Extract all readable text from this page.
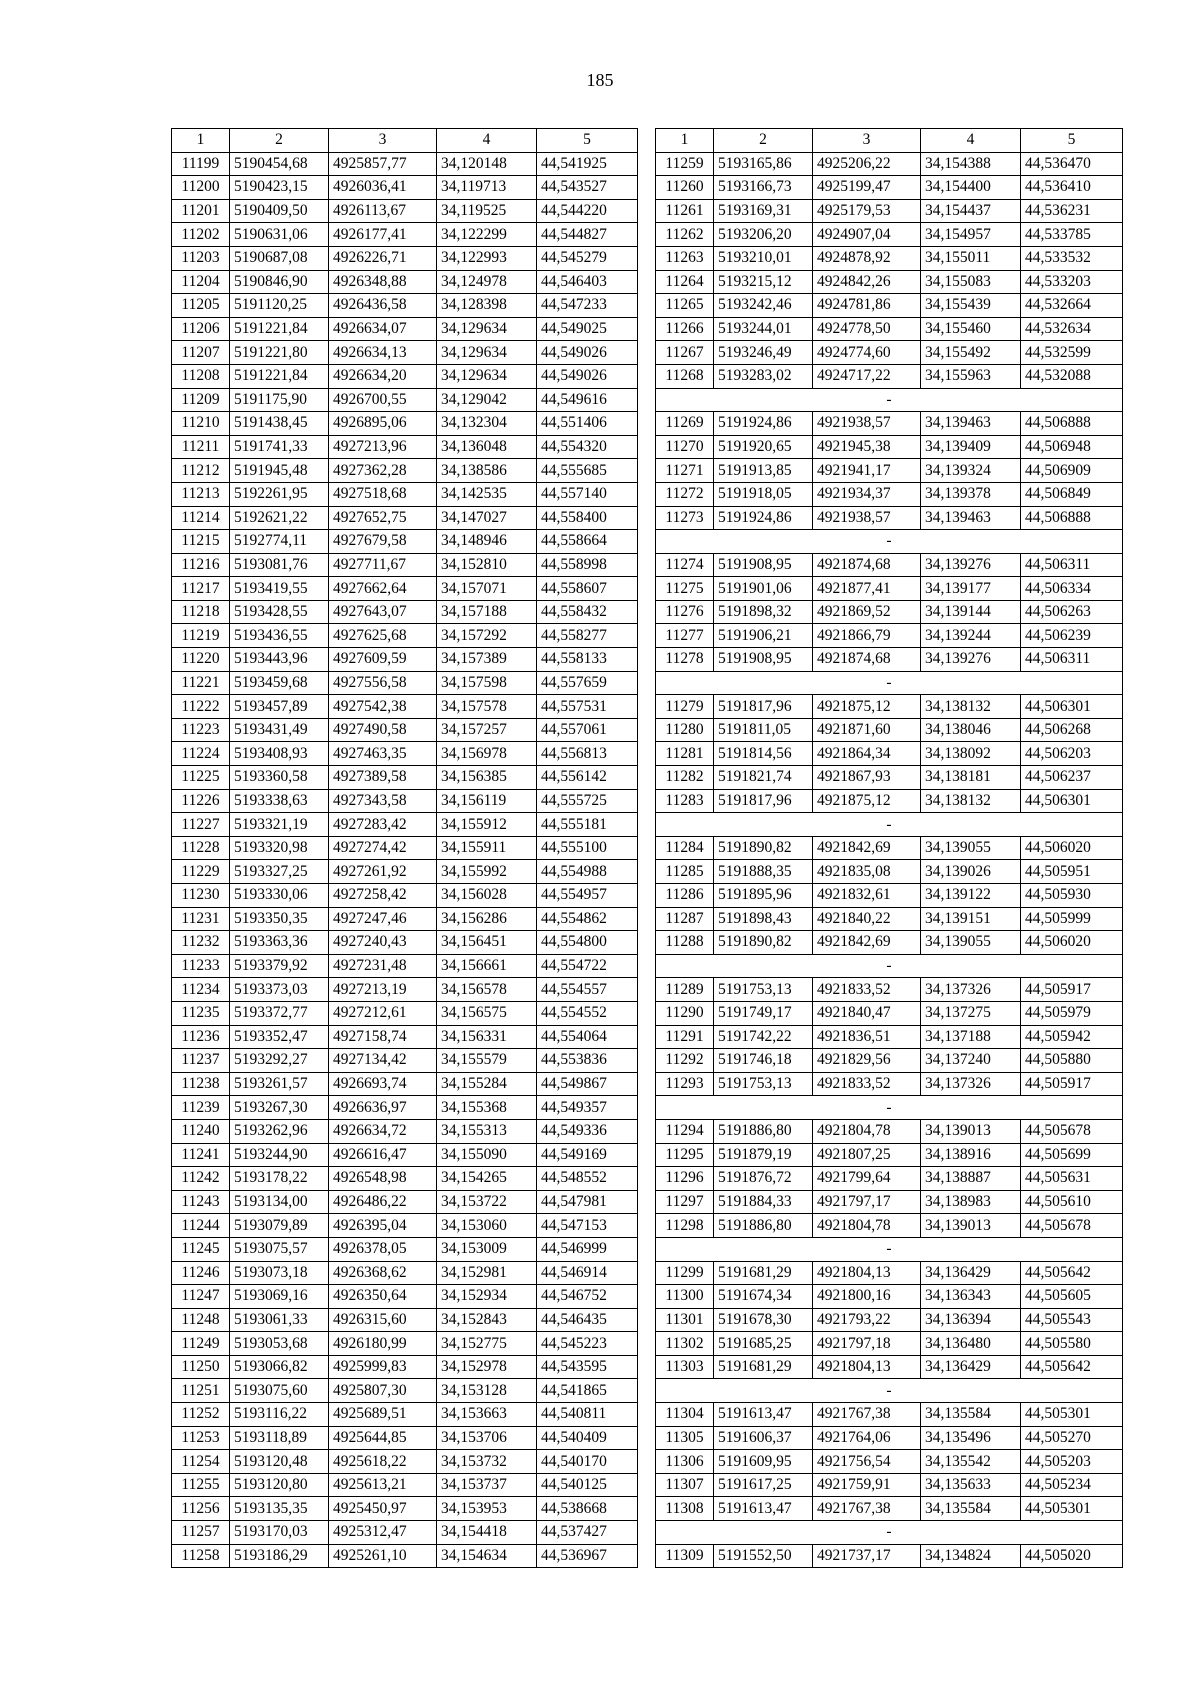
185
1	2	3	4	5
11199	5190454,68	4925857,77	34,120148	44,541925
11200	5190423,15	4926036,41	34,119713	44,543527
11201	5190409,50	4926113,67	34,119525	44,544220
11202	5190631,06	4926177,41	34,122299	44,544827
11203	5190687,08	4926226,71	34,122993	44,545279
11204	5190846,90	4926348,88	34,124978	44,546403
11205	5191120,25	4926436,58	34,128398	44,547233
11206	5191221,84	4926634,07	34,129634	44,549025
11207	5191221,80	4926634,13	34,129634	44,549026
11208	5191221,84	4926634,20	34,129634	44,549026
11209	5191175,90	4926700,55	34,129042	44,549616
11210	5191438,45	4926895,06	34,132304	44,551406
11211	5191741,33	4927213,96	34,136048	44,554320
11212	5191945,48	4927362,28	34,138586	44,555685
11213	5192261,95	4927518,68	34,142535	44,557140
11214	5192621,22	4927652,75	34,147027	44,558400
11215	5192774,11	4927679,58	34,148946	44,558664
11216	5193081,76	4927711,67	34,152810	44,558998
11217	5193419,55	4927662,64	34,157071	44,558607
11218	5193428,55	4927643,07	34,157188	44,558432
11219	5193436,55	4927625,68	34,157292	44,558277
11220	5193443,96	4927609,59	34,157389	44,558133
11221	5193459,68	4927556,58	34,157598	44,557659
11222	5193457,89	4927542,38	34,157578	44,557531
11223	5193431,49	4927490,58	34,157257	44,557061
11224	5193408,93	4927463,35	34,156978	44,556813
11225	5193360,58	4927389,58	34,156385	44,556142
11226	5193338,63	4927343,58	34,156119	44,555725
11227	5193321,19	4927283,42	34,155912	44,555181
11228	5193320,98	4927274,42	34,155911	44,555100
11229	5193327,25	4927261,92	34,155992	44,554988
11230	5193330,06	4927258,42	34,156028	44,554957
11231	5193350,35	4927247,46	34,156286	44,554862
11232	5193363,36	4927240,43	34,156451	44,554800
11233	5193379,92	4927231,48	34,156661	44,554722
11234	5193373,03	4927213,19	34,156578	44,554557
11235	5193372,77	4927212,61	34,156575	44,554552
11236	5193352,47	4927158,74	34,156331	44,554064
11237	5193292,27	4927134,42	34,155579	44,553836
11238	5193261,57	4926693,74	34,155284	44,549867
11239	5193267,30	4926636,97	34,155368	44,549357
11240	5193262,96	4926634,72	34,155313	44,549336
11241	5193244,90	4926616,47	34,155090	44,549169
11242	5193178,22	4926548,98	34,154265	44,548552
11243	5193134,00	4926486,22	34,153722	44,547981
11244	5193079,89	4926395,04	34,153060	44,547153
11245	5193075,57	4926378,05	34,153009	44,546999
11246	5193073,18	4926368,62	34,152981	44,546914
11247	5193069,16	4926350,64	34,152934	44,546752
11248	5193061,33	4926315,60	34,152843	44,546435
11249	5193053,68	4926180,99	34,152775	44,545223
11250	5193066,82	4925999,83	34,152978	44,543595
11251	5193075,60	4925807,30	34,153128	44,541865
11252	5193116,22	4925689,51	34,153663	44,540811
11253	5193118,89	4925644,85	34,153706	44,540409
11254	5193120,48	4925618,22	34,153732	44,540170
11255	5193120,80	4925613,21	34,153737	44,540125
11256	5193135,35	4925450,97	34,153953	44,538668
11257	5193170,03	4925312,47	34,154418	44,537427
11258	5193186,29	4925261,10	34,154634	44,536967
1	2	3	4	5
11259	5193165,86	4925206,22	34,154388	44,536470
11260	5193166,73	4925199,47	34,154400	44,536410
11261	5193169,31	4925179,53	34,154437	44,536231
11262	5193206,20	4924907,04	34,154957	44,533785
11263	5193210,01	4924878,92	34,155011	44,533532
11264	5193215,12	4924842,26	34,155083	44,533203
11265	5193242,46	4924781,86	34,155439	44,532664
11266	5193244,01	4924778,50	34,155460	44,532634
11267	5193246,49	4924774,60	34,155492	44,532599
11268	5193283,02	4924717,22	34,155963	44,532088
-				
11269	5191924,86	4921938,57	34,139463	44,506888
11270	5191920,65	4921945,38	34,139409	44,506948
11271	5191913,85	4921941,17	34,139324	44,506909
11272	5191918,05	4921934,37	34,139378	44,506849
11273	5191924,86	4921938,57	34,139463	44,506888
-				
11274	5191908,95	4921874,68	34,139276	44,506311
11275	5191901,06	4921877,41	34,139177	44,506334
11276	5191898,32	4921869,52	34,139144	44,506263
11277	5191906,21	4921866,79	34,139244	44,506239
11278	5191908,95	4921874,68	34,139276	44,506311
-				
11279	5191817,96	4921875,12	34,138132	44,506301
11280	5191811,05	4921871,60	34,138046	44,506268
11281	5191814,56	4921864,34	34,138092	44,506203
11282	5191821,74	4921867,93	34,138181	44,506237
11283	5191817,96	4921875,12	34,138132	44,506301
-				
11284	5191890,82	4921842,69	34,139055	44,506020
11285	5191888,35	4921835,08	34,139026	44,505951
11286	5191895,96	4921832,61	34,139122	44,505930
11287	5191898,43	4921840,22	34,139151	44,505999
11288	5191890,82	4921842,69	34,139055	44,506020
-				
11289	5191753,13	4921833,52	34,137326	44,505917
11290	5191749,17	4921840,47	34,137275	44,505979
11291	5191742,22	4921836,51	34,137188	44,505942
11292	5191746,18	4921829,56	34,137240	44,505880
11293	5191753,13	4921833,52	34,137326	44,505917
-				
11294	5191886,80	4921804,78	34,139013	44,505678
11295	5191879,19	4921807,25	34,138916	44,505699
11296	5191876,72	4921799,64	34,138887	44,505631
11297	5191884,33	4921797,17	34,138983	44,505610
11298	5191886,80	4921804,78	34,139013	44,505678
-				
11299	5191681,29	4921804,13	34,136429	44,505642
11300	5191674,34	4921800,16	34,136343	44,505605
11301	5191678,30	4921793,22	34,136394	44,505543
11302	5191685,25	4921797,18	34,136480	44,505580
11303	5191681,29	4921804,13	34,136429	44,505642
-				
11304	5191613,47	4921767,38	34,135584	44,505301
11305	5191606,37	4921764,06	34,135496	44,505270
11306	5191609,95	4921756,54	34,135542	44,505203
11307	5191617,25	4921759,91	34,135633	44,505234
11308	5191613,47	4921767,38	34,135584	44,505301
-				
11309	5191552,50	4921737,17	34,134824	44,505020
